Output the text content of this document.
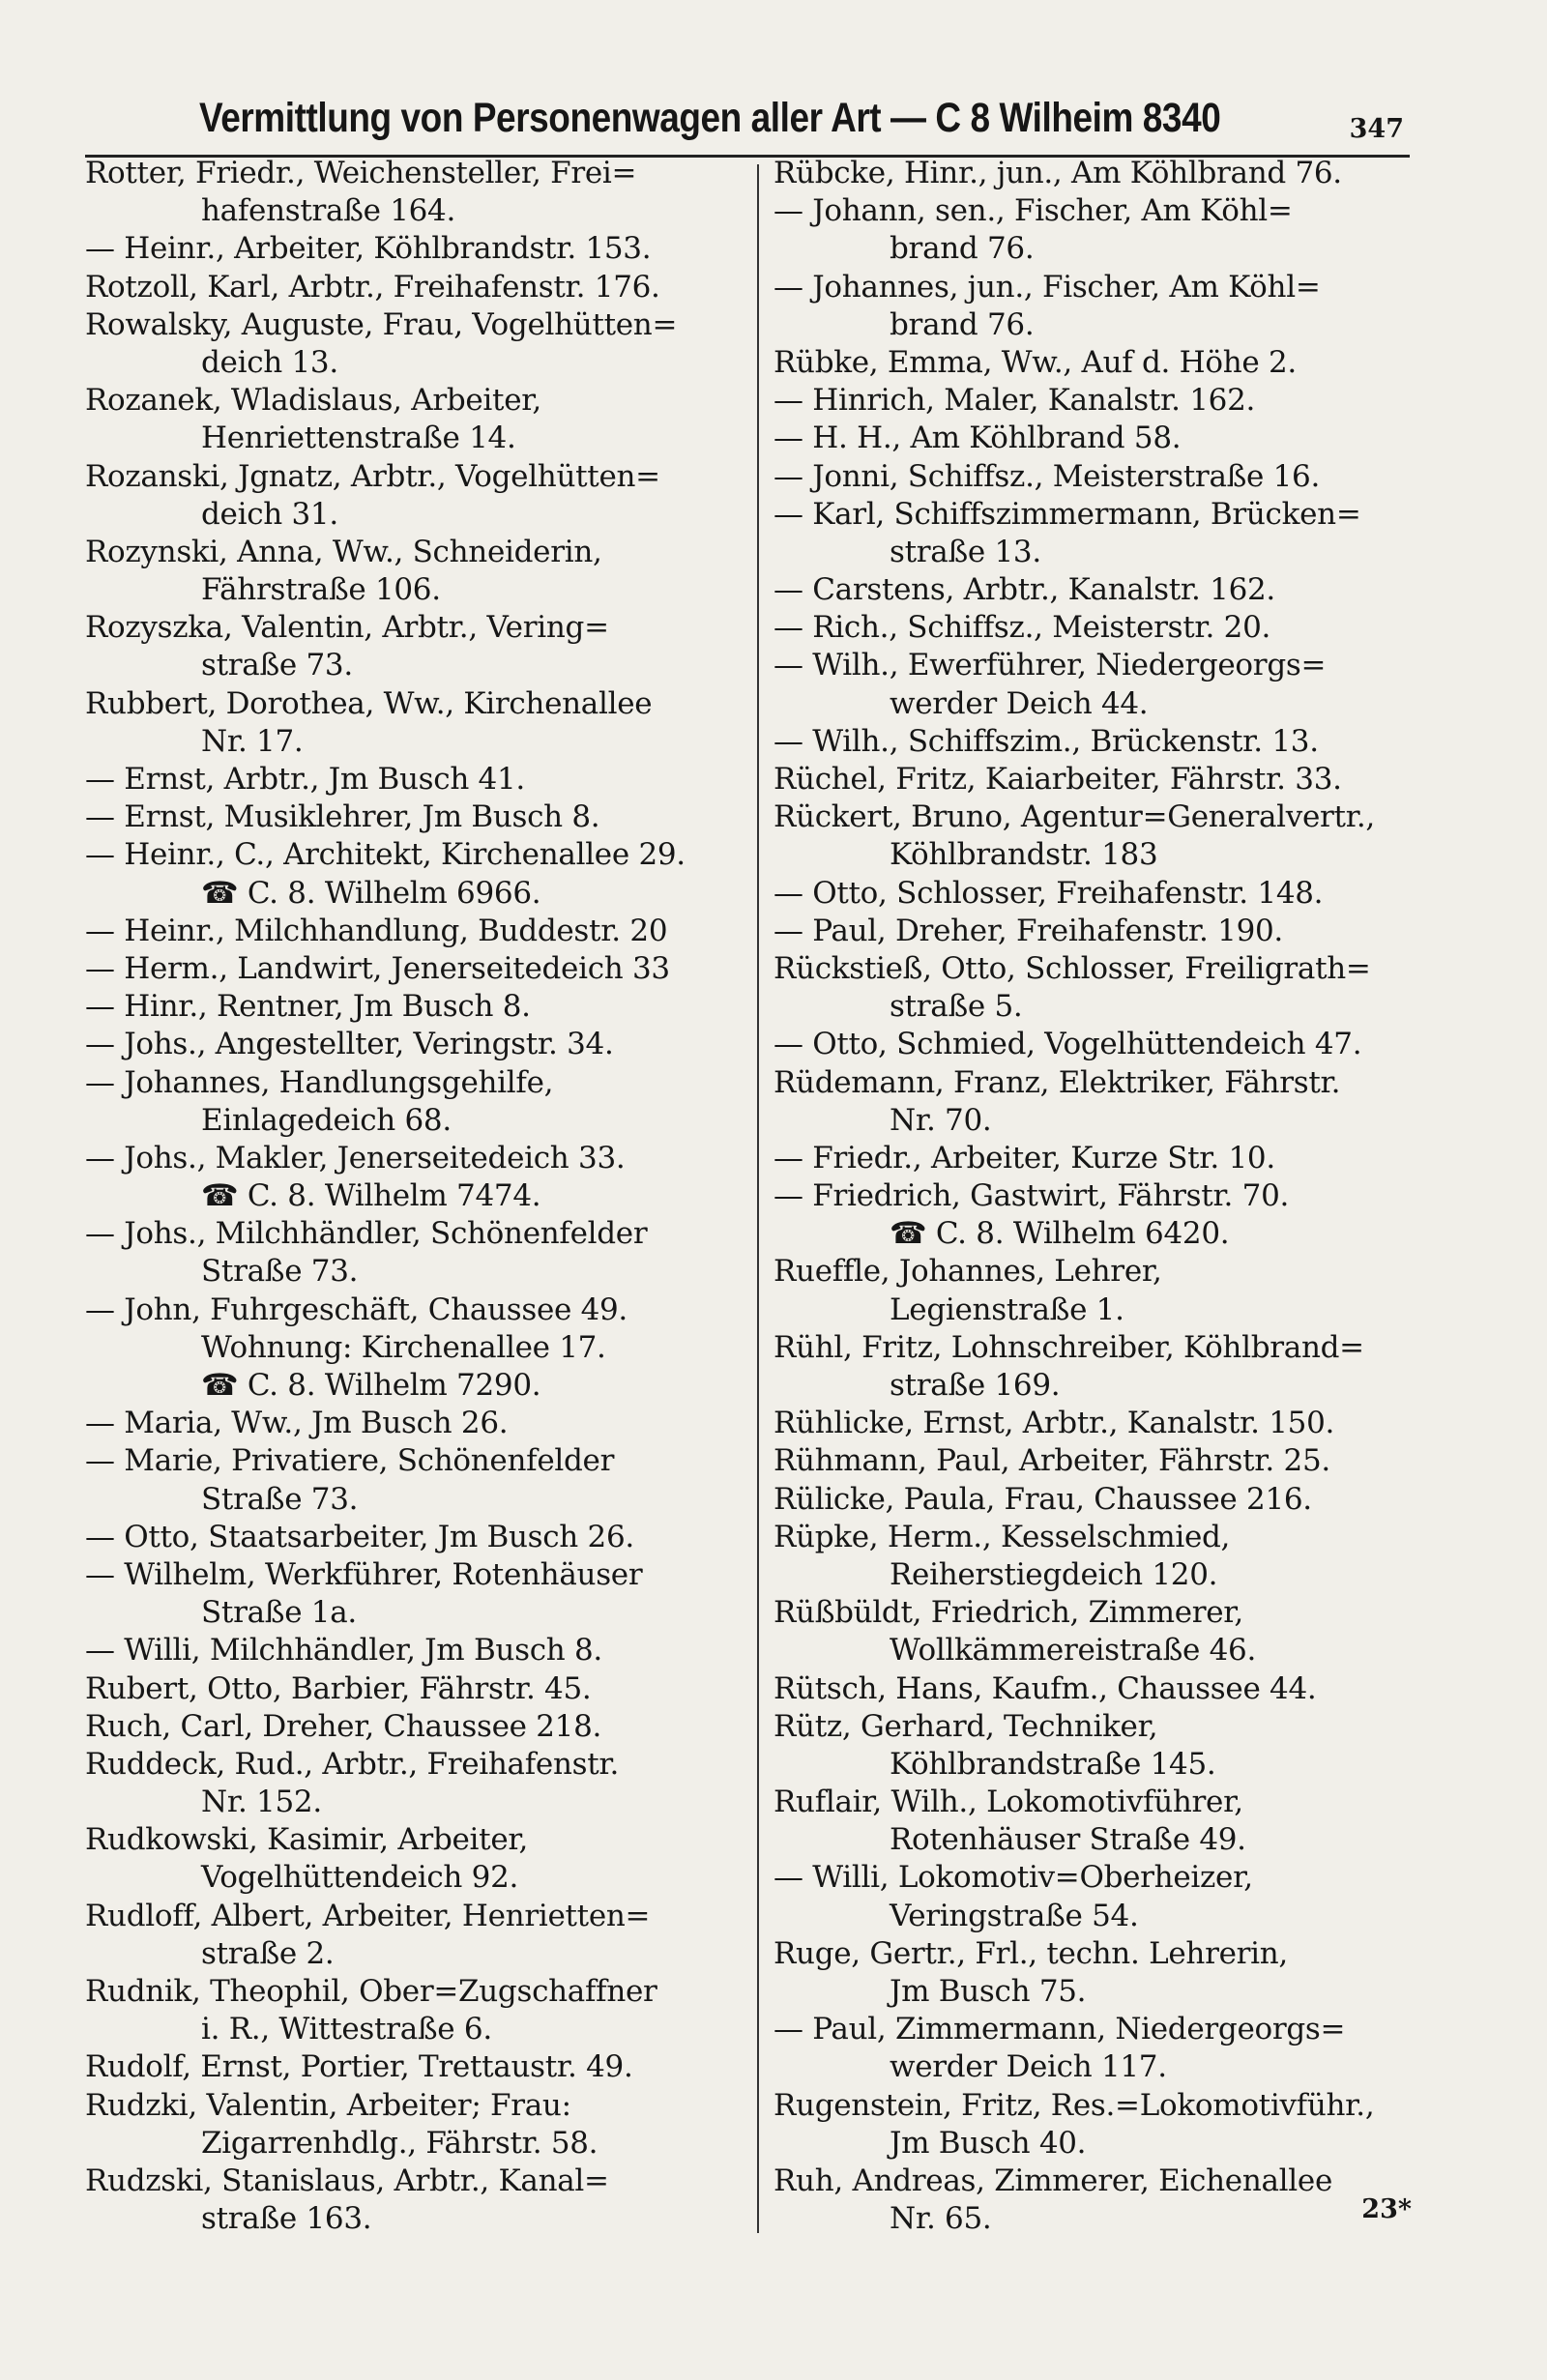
Vermittlung von Personenwagen aller Art — C 8 Wilheim 8340	347
Rotter, Friedr., Weichensteller, Frei=
hafenstraße 164.
— Heinr., Arbeiter, Köhlbrandstr. 153.
Rotzoll, Karl, Arbtr., Freihafenstr. 176.
Rowalsky, Auguste, Frau, Vogelhütten=
deich 13.
Rozanek, Wladislaus, Arbeiter,
Henriettenstraße 14.
Rozanski, Jgnatz, Arbtr., Vogelhütten=
deich 31.
Rozynski, Anna, Ww., Schneiderin,
Fährstraße 106.
Rozyszka, Valentin, Arbtr., Vering=
straße 73.
Rubbert, Dorothea, Ww., Kirchenallee
Nr. 17.
— Ernst, Arbtr., Jm Busch 41.
— Ernst, Musiklehrer, Jm Busch 8.
— Heinr., C., Architekt, Kirchenallee 29.
☎ C. 8. Wilhelm 6966.
— Heinr., Milchhandlung, Buddestr. 20
— Herm., Landwirt, Jenerseitedeich 33
— Hinr., Rentner, Jm Busch 8.
— Johs., Angestellter, Veringstr. 34.
— Johannes, Handlungsgehilfe,
Einlagedeich 68.
— Johs., Makler, Jenerseitedeich 33.
☎ C. 8. Wilhelm 7474.
— Johs., Milchhändler, Schönenfelder
Straße 73.
— John, Fuhrgeschäft, Chaussee 49.
Wohnung: Kirchenallee 17.
☎ C. 8. Wilhelm 7290.
— Maria, Ww., Jm Busch 26.
— Marie, Privatiere, Schönenfelder
Straße 73.
— Otto, Staatsarbeiter, Jm Busch 26.
— Wilhelm, Werkführer, Rotenhäuser
Straße 1a.
— Willi, Milchhändler, Jm Busch 8.
Rubert, Otto, Barbier, Fährstr. 45.
Ruch, Carl, Dreher, Chaussee 218.
Ruddeck, Rud., Arbtr., Freihafenstr.
Nr. 152.
Rudkowski, Kasimir, Arbeiter,
Vogelhüttendeich 92.
Rudloff, Albert, Arbeiter, Henrietten=
straße 2.
Rudnik, Theophil, Ober=Zugschaffner
i. R., Wittestraße 6.
Rudolf, Ernst, Portier, Trettaustr. 49.
Rudzki, Valentin, Arbeiter; Frau:
Zigarrenhdlg., Fährstr. 58.
Rudzski, Stanislaus, Arbtr., Kanal=
straße 163.
Rübcke, Hinr., jun., Am Köhlbrand 76.
— Johann, sen., Fischer, Am Köhl=
brand 76.
— Johannes, jun., Fischer, Am Köhl=
brand 76.
Rübke, Emma, Ww., Auf d. Höhe 2.
— Hinrich, Maler, Kanalstr. 162.
— H. H., Am Köhlbrand 58.
— Jonni, Schiffsz., Meisterstraße 16.
— Karl, Schiffszimmermann, Brücken=
straße 13.
— Carstens, Arbtr., Kanalstr. 162.
— Rich., Schiffsz., Meisterstr. 20.
— Wilh., Ewerführer, Niedergeorgs=
werder Deich 44.
— Wilh., Schiffszim., Brückenstr. 13.
Rüchel, Fritz, Kaiarbeiter, Fährstr. 33.
Rückert, Bruno, Agentur=Generalvertr.,
Köhlbrandstr. 183
— Otto, Schlosser, Freihafenstr. 148.
— Paul, Dreher, Freihafenstr. 190.
Rückstieß, Otto, Schlosser, Freiligrath=
straße 5.
— Otto, Schmied, Vogelhüttendeich 47.
Rüdemann, Franz, Elektriker, Fährstr.
Nr. 70.
— Friedr., Arbeiter, Kurze Str. 10.
— Friedrich, Gastwirt, Fährstr. 70.
☎ C. 8. Wilhelm 6420.
Rueffle, Johannes, Lehrer,
Legienstraße 1.
Rühl, Fritz, Lohnschreiber, Köhlbrand=
straße 169.
Rühlicke, Ernst, Arbtr., Kanalstr. 150.
Rühmann, Paul, Arbeiter, Fährstr. 25.
Rülicke, Paula, Frau, Chaussee 216.
Rüpke, Herm., Kesselschmied,
Reiherstiegdeich 120.
Rüßbüldt, Friedrich, Zimmerer,
Wollkämmereistraße 46.
Rütsch, Hans, Kaufm., Chaussee 44.
Rütz, Gerhard, Techniker,
Köhlbrandstraße 145.
Ruflair, Wilh., Lokomotivführer,
Rotenhäuser Straße 49.
— Willi, Lokomotiv=Oberheizer,
Veringstraße 54.
Ruge, Gertr., Frl., techn. Lehrerin,
Jm Busch 75.
— Paul, Zimmermann, Niedergeorgs=
werder Deich 117.
Rugenstein, Fritz, Res.=Lokomotivführ.,
Jm Busch 40.
Ruh, Andreas, Zimmerer, Eichenallee
Nr. 65.	23*
